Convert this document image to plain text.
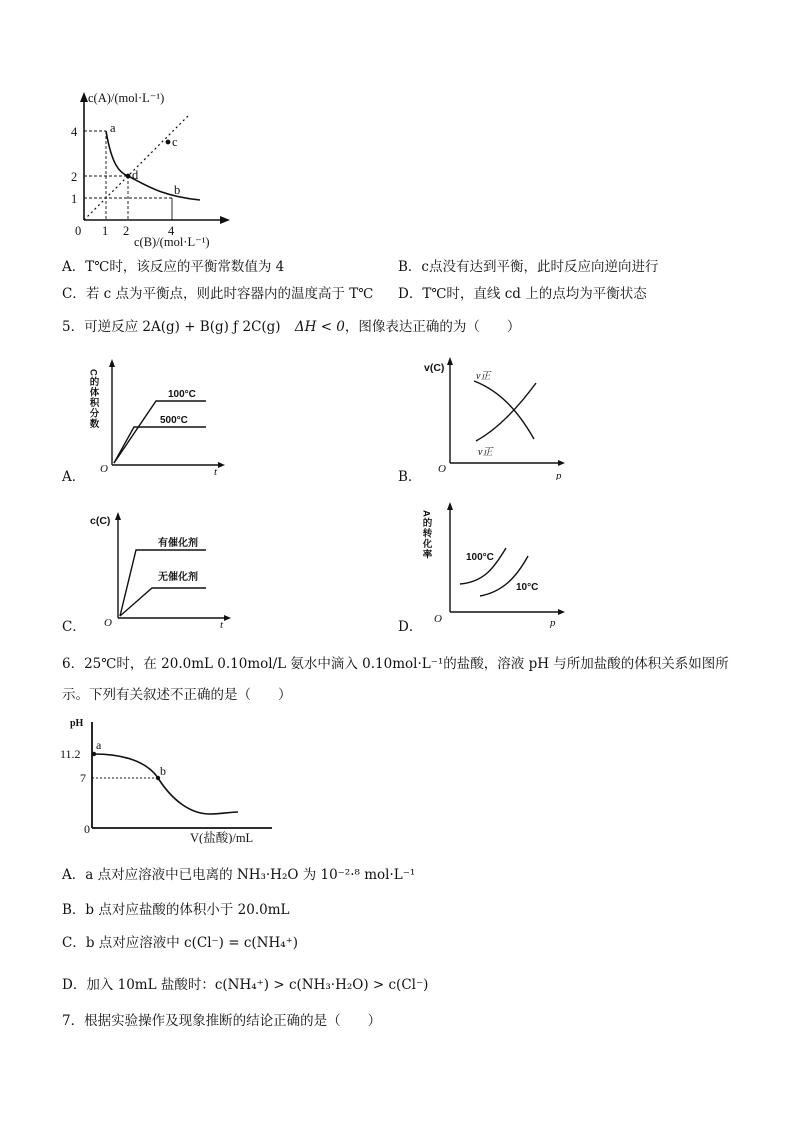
c(A)/(mol·L⁻¹)
c(B)/(mol·L⁻¹)
4
2
1
0 1 2	4
a
b
c
d
A．T℃时，该反应的平衡常数值为 4	B．c点没有达到平衡，此时反应向逆向进行
C．若 c 点为平衡点，则此时容器内的温度高于 T℃ D．T℃时，直线 cd 上的点均为平衡状态
5．可逆反应 2A(g) + B(g) ƒ 2C(g) ΔH < 0，图像表达正确的为（　　）
C的体积分数	100°C
500°C
O	t
A．
v(C)
v正
v正
O
p
B．
c(C)
有催化剂
无催化剂
O	t
C．
A的转化率	100°C
10°C
O	p
D．
6．25℃时，在 20.0mL 0.10mol/L 氨水中滴入 0.10mol·L⁻¹的盐酸，溶液 pH 与所加盐酸的体积关系如图所
示。下列有关叙述不正确的是（　　）
pH
11.2
7
0
a
b
V(盐酸)/mL
A．a 点对应溶液中已电离的 NH₃·H₂O 为 10⁻²·⁸ mol·L⁻¹
B．b 点对应盐酸的体积小于 20.0mL
C．b 点对应溶液中 c(Cl⁻) = c(NH₄⁺)
D．加入 10mL 盐酸时：c(NH₄⁺) > c(NH₃·H₂O) > c(Cl⁻)
7．根据实验操作及现象推断的结论正确的是（　　）
